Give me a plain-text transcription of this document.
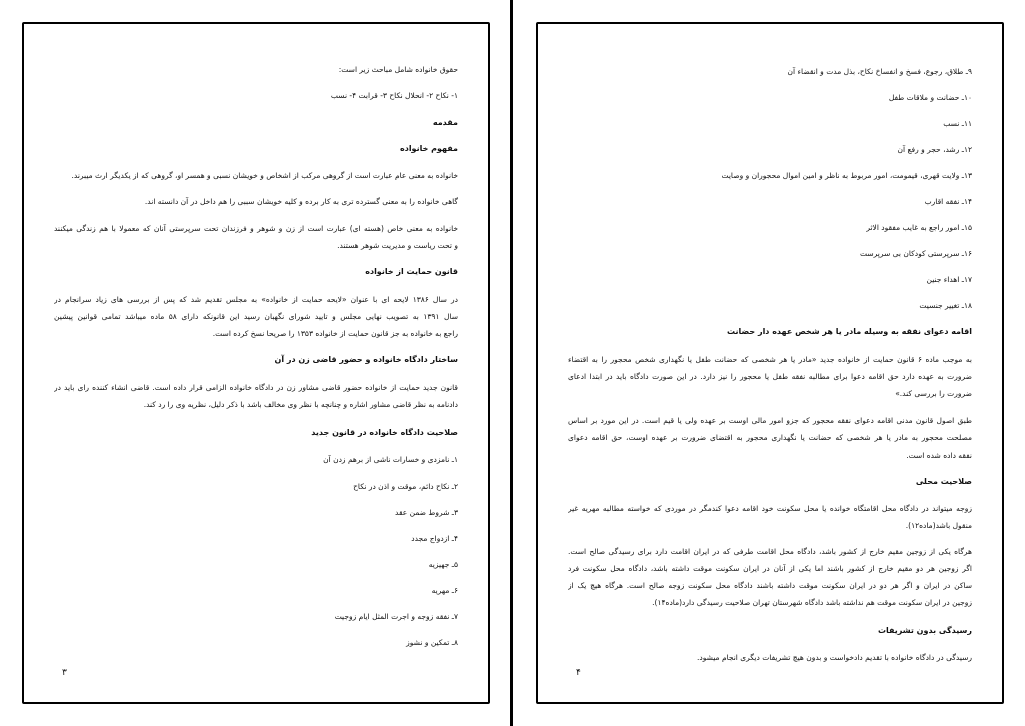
حقوق خانواده شامل مباحث زیر است:
۱- نکاح ۲- انحلال نکاح ۳- قرابت ۴- نسب
مقدمه
مفهوم خانواده
خانواده به معنی عام عبارت است از گروهی مرکب از اشخاص و خویشان نسبی و همسر او، گروهی که از یکدیگر ارث میبرند.
گاهی خانواده را به معنی گسترده تری به کار برده و کلیه خویشان سببی را هم داخل در آن دانسته اند.
خانواده به معنی خاص (هسته ای) عبارت است از زن و شوهر و فرزندان تحت سرپرستی آنان که معمولا با هم زندگی میکنند
و تحت ریاست و مدیریت شوهر هستند.
قانون حمایت از خانواده
در سال ۱۳۸۶ لایحه ای با عنوان «لایحه حمایت از خانواده» به مجلس تقدیم شد که پس از بررسی های زیاد سرانجام در
سال ۱۳۹۱ به تصویب نهایی مجلس و تایید شورای نگهبان رسید این قانونکه دارای ۵۸ ماده میباشد تمامی قوانین پیشین
راجع به خانواده به جز قانون حمایت از خانواده ۱۳۵۳ را صریحا نسخ کرده است.
ساختار دادگاه خانواده و حضور قاضی زن در آن
قانون جدید حمایت از خانواده حضور قاضی مشاور زن در دادگاه خانواده الزامی قرار داده است. قاضی انشاء کننده رای باید در
دادنامه به نظر قاضی مشاور اشاره و چنانچه با نظر وی مخالف باشد با ذکر دلیل، نظریه وی را رد کند.
صلاحیت دادگاه خانواده در قانون جدید
۱ـ نامزدی و خسارات ناشی از برهم زدن آن
۲ـ نکاح دائم، موقت و اذن در نکاح
۳ـ شروط ضمن عقد
۴ـ ازدواج مجدد
۵ـ جهیزیه
۶ـ مهریه
۷ـ نفقه زوجه و اجرت المثل ایام زوجیت
۸ـ تمکین و نشوز
۳
۹ـ طلاق، رجوع، فسخ و انفساخ نکاح، بذل مدت و انقضاء آن
۱۰ـ حضانت و ملاقات طفل
۱۱ـ نسب
۱۲ـ رشد، حجر و رفع آن
۱۳ـ ولایت قهری، قیمومت، امور مربوط به ناظر و امین اموال محجوران و وصایت
۱۴ـ نفقه اقارب
۱۵ـ امور راجع به غایب مفقود الاثر
۱۶ـ سرپرستی کودکان بی سرپرست
۱۷ـ اهداء جنین
۱۸ـ تغییر جنسیت
اقامه دعوای نفقه به وسیله مادر یا هر شخص عهده دار حضانت
به موجب ماده ۶ قانون حمایت از خانواده جدید «مادر یا هر شخصی که حضانت طفل یا نگهداری شخص محجور را به اقتضاء
ضرورت به عهده دارد حق اقامه دعوا برای مطالبه نفقه طفل یا محجور را نیز دارد. در این صورت دادگاه باید در ابتدا ادعای
ضرورت را بررسی کند.»
طبق اصول قانون مدنی اقامه دعوای نفقه محجور که جزو امور مالی اوست بر عهده ولی یا قیم است. در این مورد بر اساس
مصلحت محجور به مادر یا هر شخصی که حضانت یا نگهداری محجور به اقتضای ضرورت بر عهده اوست، حق اقامه دعوای
نفقه داده شده است.
صلاحیت محلی
زوجه میتواند در دادگاه محل اقامتگاه خوانده یا محل سکونت خود اقامه دعوا کندمگر در موردی که خواسته مطالبه مهریه غیر
منقول باشد(ماده۱۲).
هرگاه یکی از زوجین مقیم خارج از کشور باشد، دادگاه محل اقامت طرفی که در ایران اقامت دارد برای رسیدگی صالح است.
اگر زوجین هر دو مقیم خارج از کشور باشند اما یکی از آنان در ایران سکونت موقت داشته باشد، دادگاه محل سکونت فرد
ساکن در ایران و اگر هر دو در ایران سکونت موقت داشته باشند دادگاه محل سکونت زوجه صالح است. هرگاه هیچ یک از
زوجین در ایران سکونت موقت هم نداشته باشد دادگاه شهرستان تهران صلاحیت رسیدگی دارد(ماده۱۴).
رسیدگی بدون تشریفات
رسیدگی در دادگاه خانواده با تقدیم دادخواست و بدون هیچ تشریفات دیگری انجام میشود.
۴
